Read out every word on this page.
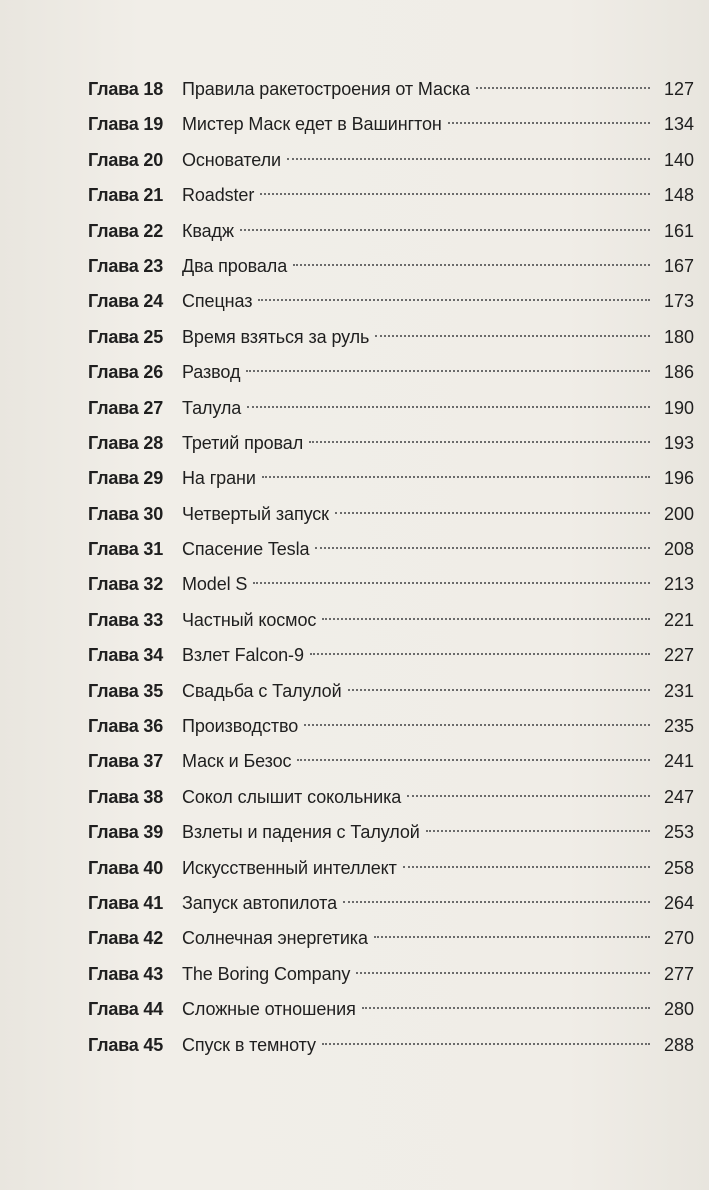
Глава 18	Правила ракетостроения от Маска	127
Глава 19	Мистер Маск едет в Вашингтон	134
Глава 20	Основатели	140
Глава 21	Roadster	148
Глава 22	Квадж	161
Глава 23	Два провала	167
Глава 24	Спецназ	173
Глава 25	Время взяться за руль	180
Глава 26	Развод	186
Глава 27	Талула	190
Глава 28	Третий провал	193
Глава 29	На грани	196
Глава 30	Четвертый запуск	200
Глава 31	Спасение Tesla	208
Глава 32	Model S	213
Глава 33	Частный космос	221
Глава 34	Взлет Falcon-9	227
Глава 35	Свадьба с Талулой	231
Глава 36	Производство	235
Глава 37	Маск и Безос	241
Глава 38	Сокол слышит сокольника	247
Глава 39	Взлеты и падения с Талулой	253
Глава 40	Искусственный интеллект	258
Глава 41	Запуск автопилота	264
Глава 42	Солнечная энергетика	270
Глава 43	The Boring Company	277
Глава 44	Сложные отношения	280
Глава 45	Спуск в темноту	288
